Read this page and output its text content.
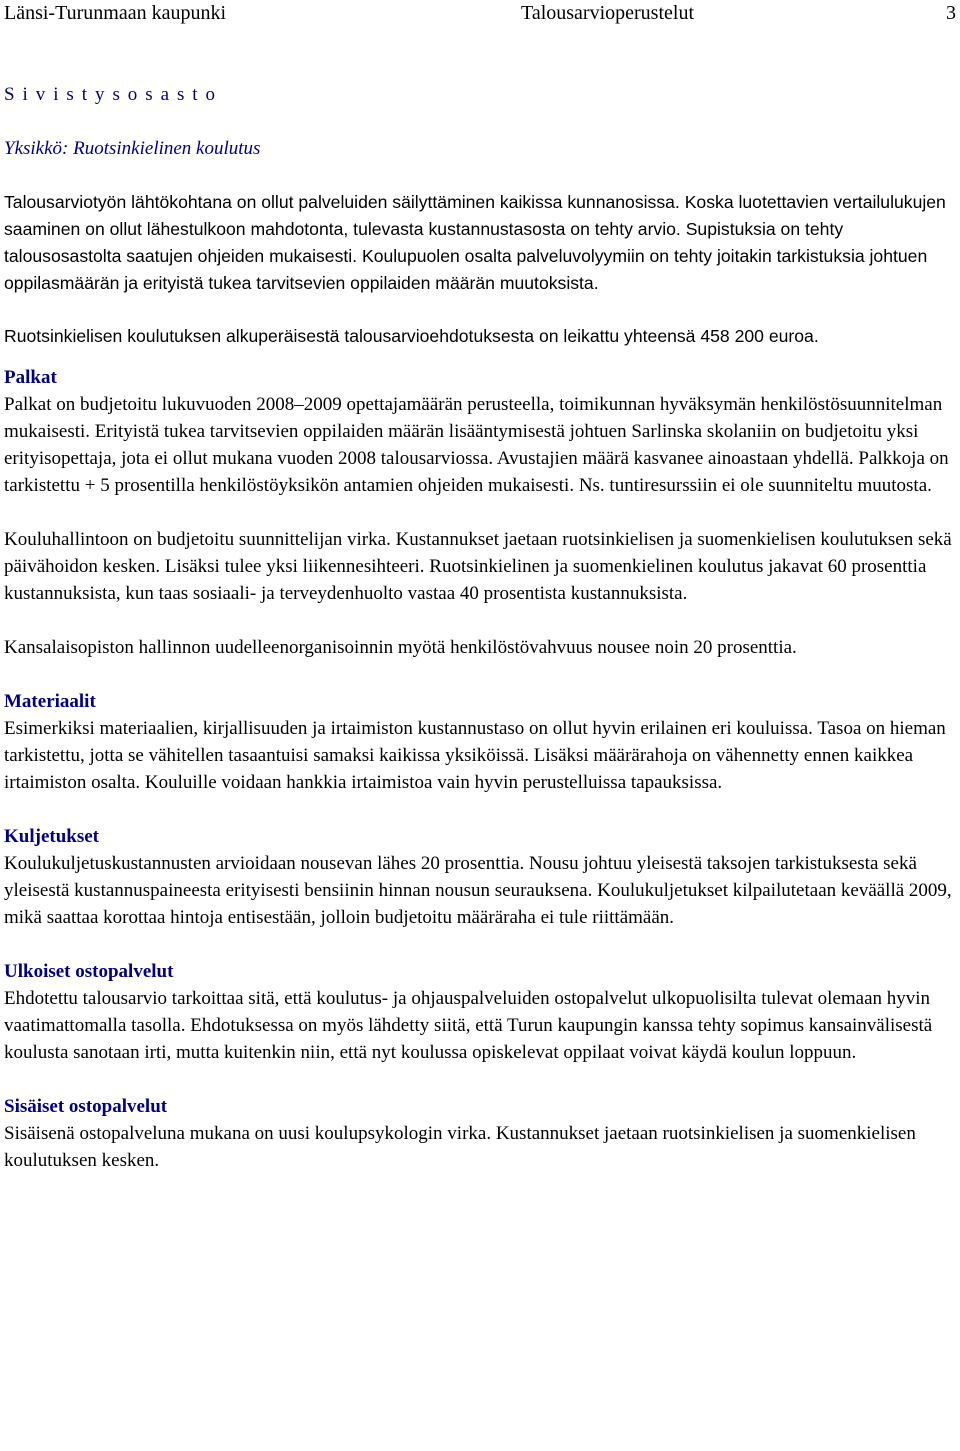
Länsi-Turunmaan kaupunki	Talousarvioperustelut	3
S i v i s t y s o s a s t o
Yksikkö: Ruotsinkielinen koulutus

Talousarviotyön lähtökohtana on ollut palveluiden säilyttäminen kaikissa kunnanosissa. Koska luotettavien vertailulukujen saaminen on ollut lähestulkoon mahdotonta, tulevasta kustannustasosta on tehty arvio. Supistuksia on tehty talousosastolta saatujen ohjeiden mukaisesti. Koulupuolen osalta palveluvolyymiin on tehty joitakin tarkistuksia johtuen oppilasmäärän ja erityistä tukea tarvitsevien oppilaiden määrän muutoksista.

Ruotsinkielisen koulutuksen alkuperäisestä talousarvioehdotuksesta on leikattu yhteensä 458 200 euroa.

Palkat

Palkat on budjetoitu lukuvuoden 2008–2009 opettajamäärän perusteella, toimikunnan hyväksymän henkilöstösuunnitelman mukaisesti. Erityistä tukea tarvitsevien oppilaiden määrän lisääntymisestä johtuen Sarlinska skolaniin on budjetoitu yksi erityisopettaja, jota ei ollut mukana vuoden 2008 talousarviossa. Avustajien määrä kasvanee ainoastaan yhdellä. Palkkoja on tarkistettu + 5 prosentilla henkilöstöyksikön antamien ohjeiden mukaisesti. Ns. tuntiresurssiin ei ole suunniteltu muutosta.

Kouluhallintoon on budjetoitu suunnittelijan virka. Kustannukset jaetaan ruotsinkielisen ja suomenkielisen koulutuksen sekä päivähoidon kesken. Lisäksi tulee yksi liikennesihteeri. Ruotsinkielinen ja suomenkielinen koulutus jakavat 60 prosenttia kustannuksista, kun taas sosiaali- ja terveydenhuolto vastaa 40 prosentista kustannuksista.

Kansalaisopiston hallinnon uudelleenorganisoinnin myötä henkilöstövahvuus nousee noin 20 prosenttia.

Materiaalit

Esimerkiksi materiaalien, kirjallisuuden ja irtaimiston kustannustaso on ollut hyvin erilainen eri kouluissa. Tasoa on hieman tarkistettu, jotta se vähitellen tasaantuisi samaksi kaikissa yksiköissä. Lisäksi määrärahoja on vähennetty ennen kaikkea irtaimiston osalta. Kouluille voidaan hankkia irtaimistoa vain hyvin perustelluissa tapauksissa.

Kuljetukset

Koulukuljetuskustannusten arvioidaan nousevan lähes 20 prosenttia. Nousu johtuu yleisestä taksojen tarkistuksesta sekä yleisestä kustannuspaineesta erityisesti bensiinin hinnan nousun seurauksena. Koulukuljetukset kilpailutetaan keväällä 2009, mikä saattaa korottaa hintoja entisestään, jolloin budjetoitu määräraha ei tule riittämään.

Ulkoiset ostopalvelut

Ehdotettu talousarvio tarkoittaa sitä, että koulutus- ja ohjauspalveluiden ostopalvelut ulkopuolisilta tulevat olemaan hyvin vaatimattomalla tasolla. Ehdotuksessa on myös lähdetty siitä, että Turun kaupungin kanssa tehty sopimus kansainvälisestä koulusta sanotaan irti, mutta kuitenkin niin, että nyt koulussa opiskelevat oppilaat voivat käydä koulun loppuun.

Sisäiset ostopalvelut

Sisäisenä ostopalveluna mukana on uusi koulupsykologin virka. Kustannukset jaetaan ruotsinkielisen ja suomenkielisen koulutuksen kesken.
